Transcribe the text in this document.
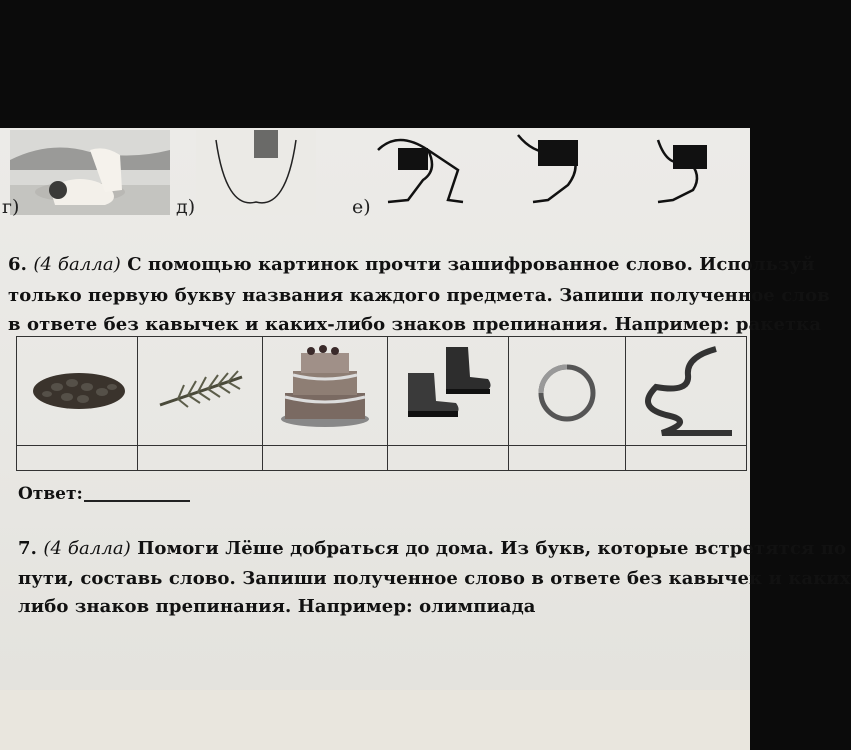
г)	д)	е)
6. (4 балла) С помощью картинок прочти зашифрованное слово. Используй
только первую букву названия каждого предмета. Запиши полученное слов
в ответе без кавычек и каких-либо знаков препинания. Например: ракетка

Ответ:
7. (4 балла) Помоги Лёше добраться до дома. Из букв, которые встретятся по
пути, составь слово. Запиши полученное слово в ответе без кавычек и каких
либо знаков препинания. Например: олимпиада
